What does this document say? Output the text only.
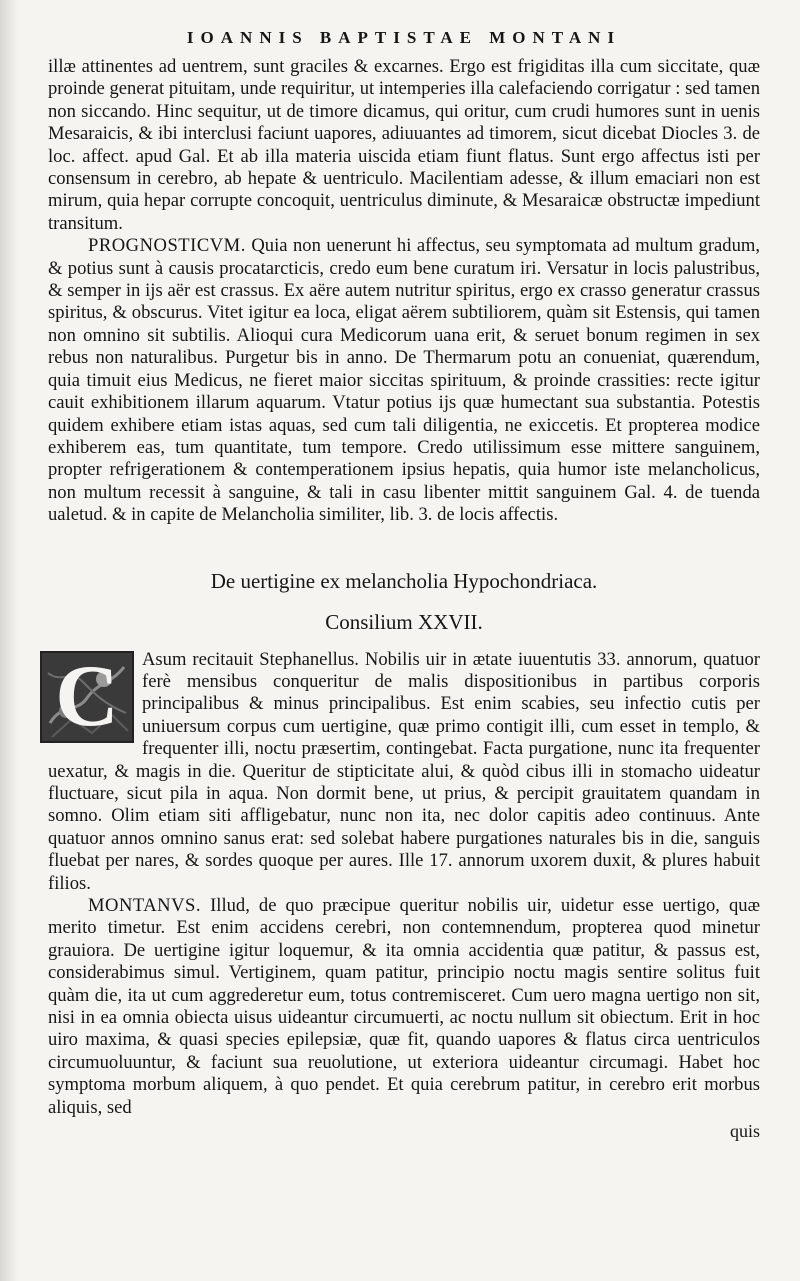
IOANNIS BAPTISTAE MONTANI

illæ attinentes ad uentrem, sunt graciles & excarnes. Ergo est frigiditas illa cum siccitate, quæ proinde generat pituitam, unde requiritur, ut intemperies illa calefaciendo corrigatur : sed tamen non siccando. Hinc sequitur, ut de timore dicamus, qui oritur, cum crudi humores sunt in uenis Mesaraicis, & ibi interclusi faciunt uapores, adiuuantes ad timorem, sicut dicebat Diocles 3. de loc. affect. apud Gal. Et ab illa materia uiscida etiam fiunt flatus. Sunt ergo affectus isti per consensum in cerebro, ab hepate & uentriculo. Macilentiam adesse, & illum emaciari non est mirum, quia hepar corrupte concoquit, uentriculus diminute, & Mesaraicæ obstructæ impediunt transitum.

PROGNOSTICVM. Quia non uenerunt hi affectus, seu symptomata ad multum gradum, & potius sunt à causis procatarcticis, credo eum bene curatum iri. Versatur in locis palustribus, & semper in ijs aër est crassus. Ex aëre autem nutritur spiritus, ergo ex crasso generatur crassus spiritus, & obscurus. Vitet igitur ea loca, eligat aërem subtiliorem, quàm sit Estensis, qui tamen non omnino sit subtilis. Alioqui cura Medicorum uana erit, & seruet bonum regimen in sex rebus non naturalibus. Purgetur bis in anno. De Thermarum potu an conueniat, quærendum, quia timuit eius Medicus, ne fieret maior siccitas spirituum, & proinde crassities: recte igitur cauit exhibitionem illarum aquarum. Vtatur potius ijs quæ humectant sua substantia. Potestis quidem exhibere etiam istas aquas, sed cum tali diligentia, ne exiccetis. Et propterea modice exhiberem eas, tum quantitate, tum tempore. Credo utilissimum esse mittere sanguinem, propter refrigerationem & contemperationem ipsius hepatis, quia humor iste melancholicus, non multum recessit à sanguine, & tali in casu libenter mittit sanguinem Gal. 4. de tuenda ualetud. & in capite de Melancholia similiter, lib. 3. de locis affectis.

De uertigine ex melancholia Hypochondriaca.
Consilium XXVII.
C	Asum recitauit Stephanellus. Nobilis uir in ætate iuuentutis 33. annorum, quatuor ferè mensibus conqueritur de malis dispositionibus in partibus corporis principalibus & minus principalibus. Est enim scabies, seu infectio cutis per uniuersum corpus cum uertigine, quæ primo contigit illi, cum esset in templo, & frequenter illi, noctu præsertim, contingebat. Facta purgatione, nunc ita frequenter uexatur, & magis in die. Queritur de stipticitate alui, & quòd cibus illi in stomacho uideatur fluctuare, sicut pila in aqua. Non dormit bene, ut prius, & percipit grauitatem quandam in somno. Olim etiam siti affligebatur, nunc non ita, nec dolor capitis adeo continuus. Ante quatuor annos omnino sanus erat: sed solebat habere purgationes naturales bis in die, sanguis fluebat per nares, & sordes quoque per aures. Ille 17. annorum uxorem duxit, & plures habuit filios.

MONTANVS. Illud, de quo præcipue queritur nobilis uir, uidetur esse uertigo, quæ merito timetur. Est enim accidens cerebri, non contemnendum, propterea quod minetur grauiora. De uertigine igitur loquemur, & ita omnia accidentia quæ patitur, & passus est, considerabimus simul. Vertiginem, quam patitur, principio noctu magis sentire solitus fuit quàm die, ita ut cum aggrederetur eum, totus contremisceret. Cum uero magna uertigo non sit, nisi in ea omnia obiecta uisus uideantur circumuerti, ac noctu nullum sit obiectum. Erit in hoc uiro maxima, & quasi species epilepsiæ, quæ fit, quando uapores & flatus circa uentriculos circumuoluuntur, & faciunt sua reuolutione, ut exteriora uideantur circumagi. Habet hoc symptoma morbum aliquem, à quo pendet. Et quia cerebrum patitur, in cerebro erit morbus aliquis, sed

quis
